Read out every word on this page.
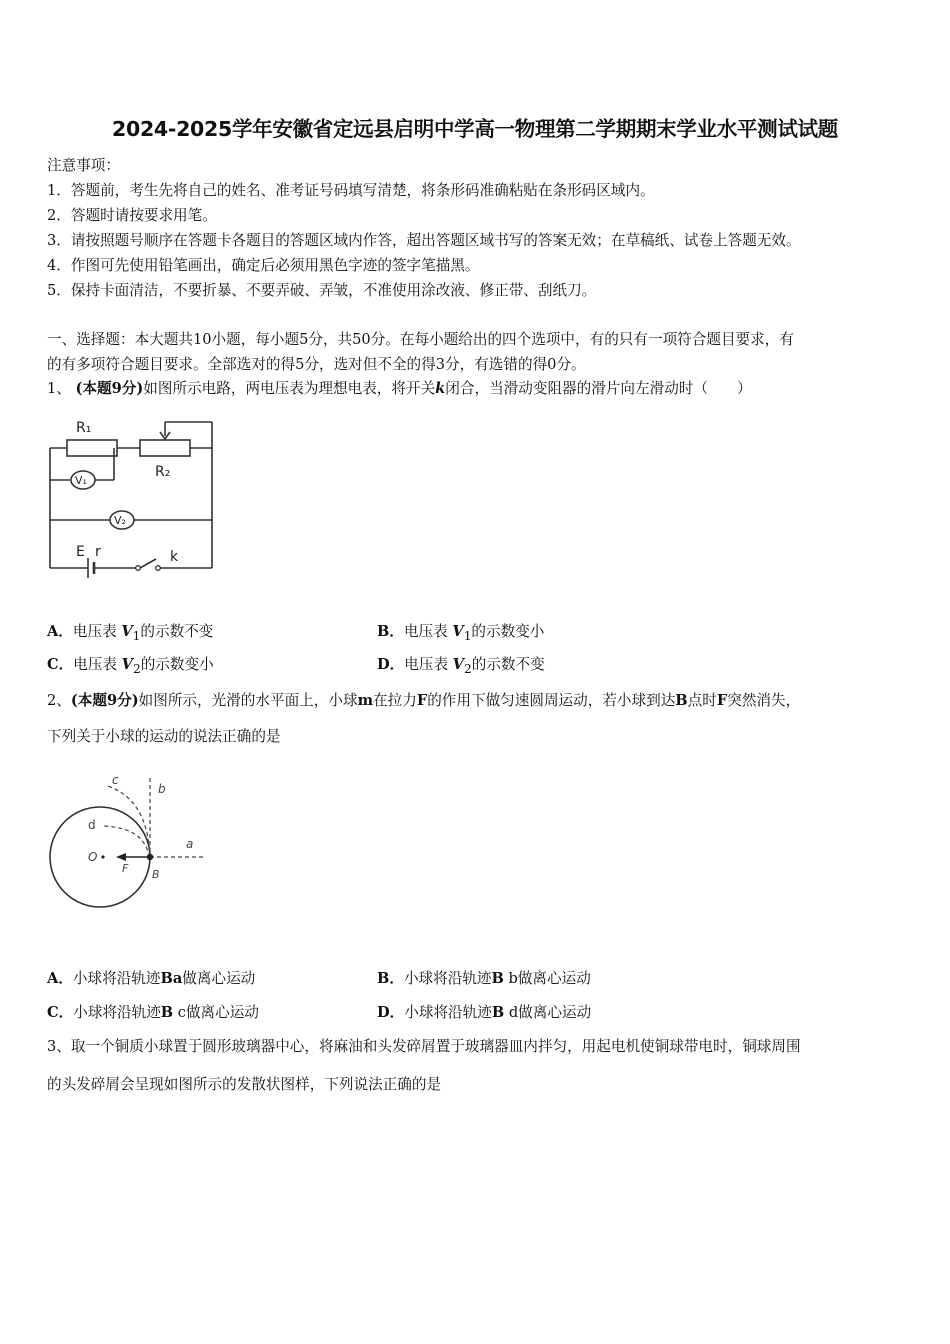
2024-2025学年安徽省定远县启明中学高一物理第二学期期末学业水平测试试题
注意事项：
1．答题前，考生先将自己的姓名、准考证号码填写清楚，将条形码准确粘贴在条形码区域内。
2．答题时请按要求用笔。
3．请按照题号顺序在答题卡各题目的答题区域内作答，超出答题区域书写的答案无效；在草稿纸、试卷上答题无效。
4．作图可先使用铅笔画出，确定后必须用黑色字迹的签字笔描黑。
5．保持卡面清洁，不要折暴、不要弄破、弄皱，不准使用涂改液、修正带、刮纸刀。
一、选择题：本大题共10小题，每小题5分，共50分。在每小题给出的四个选项中，有的只有一项符合题目要求，有
的有多项符合题目要求。全部选对的得5分，选对但不全的得3分，有选错的得0分。
1、 (本题9分)如图所示电路，两电压表为理想电表，将开关k闭合，当滑动变阻器的滑片向左滑动时（　　）
R₁
R₂
V₁
V₂
E r	k
A．电压表 $V_1$的示数不变	B．电压表 $V_1$的示数变小
C．电压表 $V_2$的示数变小	D．电压表 $V_2$的示数不变
2、(本题9分)如图所示，光滑的水平面上，小球m在拉力F的作用下做匀速圆周运动，若小球到达B点时F突然消失，
下列关于小球的运动的说法正确的是
c
b
d
a
O
F B
A．小球将沿轨迹Ba做离心运动	B．小球将沿轨迹B b做离心运动
C．小球将沿轨迹B c做离心运动	D．小球将沿轨迹B d做离心运动
3、取一个铜质小球置于圆形玻璃器中心，将麻油和头发碎屑置于玻璃器皿内拌匀，用起电机使铜球带电时，铜球周围
的头发碎屑会呈现如图所示的发散状图样，下列说法正确的是
